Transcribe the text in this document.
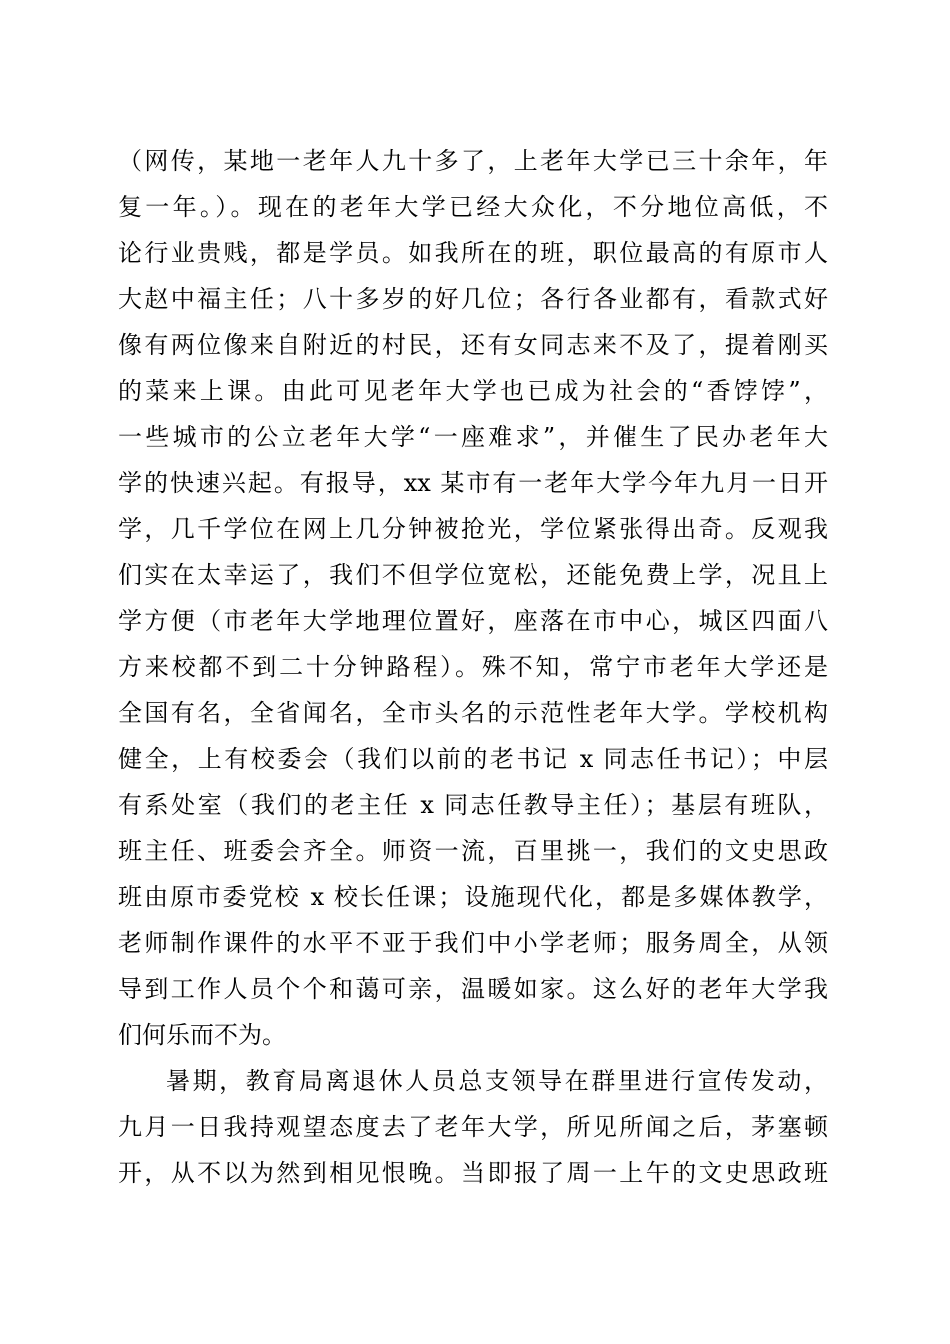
（网传，某地一老年人九十多了，上老年大学已三十余年，年
复一年。）。现在的老年大学已经大众化，不分地位高低，不
论行业贵贱，都是学员。如我所在的班，职位最高的有原市人
大赵中福主任；八十多岁的好几位；各行各业都有，看款式好
像有两位像来自附近的村民，还有女同志来不及了，提着刚买
的菜来上课。由此可见老年大学也已成为社会的“香饽饽”，
一些城市的公立老年大学“一座难求”，并催生了民办老年大
学的快速兴起。有报导，xx 某市有一老年大学今年九月一日开
学，几千学位在网上几分钟被抢光，学位紧张得出奇。反观我
们实在太幸运了，我们不但学位宽松，还能免费上学，况且上
学方便（市老年大学地理位置好，座落在市中心，城区四面八
方来校都不到二十分钟路程）。殊不知，常宁市老年大学还是
全国有名，全省闻名，全市头名的示范性老年大学。学校机构
健全，上有校委会（我们以前的老书记 x 同志任书记）；中层
有系处室（我们的老主任 x 同志任教导主任）；基层有班队，
班主任、班委会齐全。师资一流，百里挑一，我们的文史思政
班由原市委党校 x 校长任课；设施现代化，都是多媒体教学，
老师制作课件的水平不亚于我们中小学老师；服务周全，从领
导到工作人员个个和蔼可亲，温暖如家。这么好的老年大学我
们何乐而不为。
暑期，教育局离退休人员总支领导在群里进行宣传发动，
九月一日我持观望态度去了老年大学，所见所闻之后，茅塞顿
开，从不以为然到相见恨晚。当即报了周一上午的文史思政班
